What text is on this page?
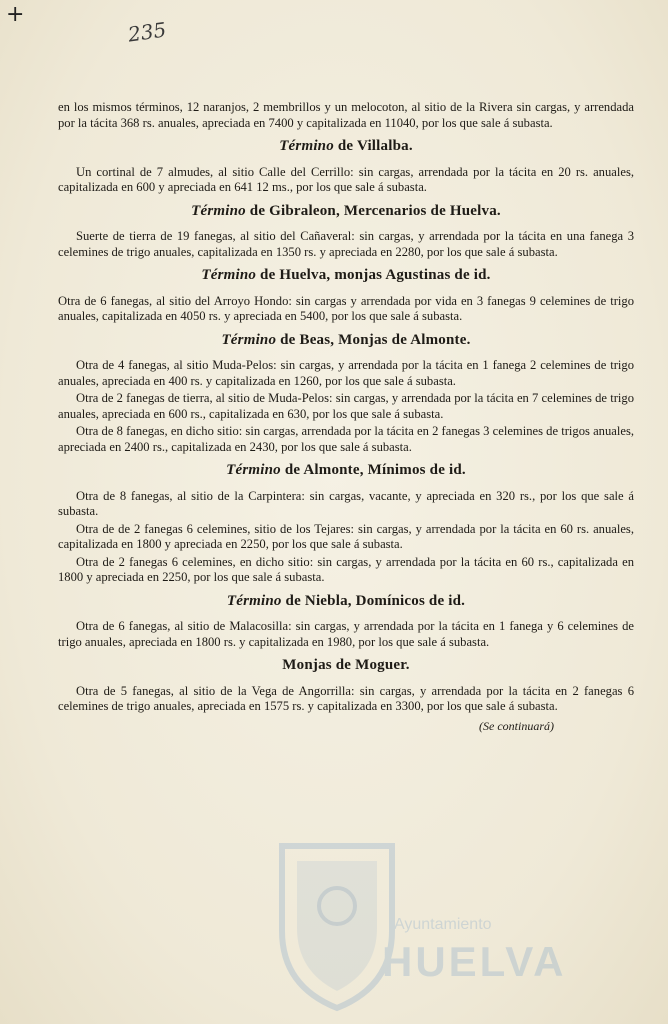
+
235

en los mismos términos, 12 naranjos, 2 membrillos y un melocoton, al sitio de la Rivera sin cargas, y arrendada por la tácita 368 rs. anuales, apreciada en 7400 y capitalizada en 11040, por los que sale á subasta.

Término de Villalba.

Un cortinal de 7 almudes, al sitio Calle del Cerrillo: sin cargas, arrendada por la tácita en 20 rs. anuales, capitalizada en 600 y apreciada en 641 12 ms., por los que sale á subasta.

Término de Gibraleon, Mercenarios de Huelva.

Suerte de tierra de 19 fanegas, al sitio del Cañaveral: sin cargas, y arrendada por la tácita en una fanega 3 celemines de trigo anuales, capitalizada en 1350 rs. y apreciada en 2280, por los que sale á subasta.

Término de Huelva, monjas Agustinas de id.

Otra de 6 fanegas, al sitio del Arroyo Hondo: sin cargas y arrendada por vida en 3 fanegas 9 celemines de trigo anuales, capitalizada en 4050 rs. y apreciada en 5400, por los que sale á subasta.

Término de Beas, Monjas de Almonte.

Otra de 4 fanegas, al sitio Muda-Pelos: sin cargas, y arrendada por la tácita en 1 fanega 2 celemines de trigo anuales, apreciada en 400 rs. y capitalizada en 1260, por los que sale á subasta.

Otra de 2 fanegas de tierra, al sitio de Muda-Pelos: sin cargas, y arrendada por la tácita en 7 celemines de trigo anuales, apreciada en 600 rs., capitalizada en 630, por los que sale á subasta.

Otra de 8 fanegas, en dicho sitio: sin cargas, arrendada por la tácita en 2 fanegas 3 celemines de trigos anuales, apreciada en 2400 rs., capitalizada en 2430, por los que sale á subasta.

Término de Almonte, Mínimos de id.

Otra de 8 fanegas, al sitio de la Carpintera: sin cargas, vacante, y apreciada en 320 rs., por los que sale á subasta.

Otra de de 2 fanegas 6 celemines, sitio de los Tejares: sin cargas, y arrendada por la tácita en 60 rs. anuales, capitalizada en 1800 y apreciada en 2250, por los que sale á subasta.

Otra de 2 fanegas 6 celemines, en dicho sitio: sin cargas, y arrendada por la tácita en 60 rs., capitalizada en 1800 y apreciada en 2250, por los que sale á subasta.

Término de Niebla, Domínicos de id.

Otra de 6 fanegas, al sitio de Malacosilla: sin cargas, y arrendada por la tácita en 1 fanega y 6 celemines de trigo anuales, apreciada en 1800 rs. y capitalizada en 1980, por los que sale á subasta.

Monjas de Moguer.

Otra de 5 fanegas, al sitio de la Vega de Angorrilla: sin cargas, y arrendada por la tácita en 2 fanegas 6 celemines de trigo anuales, apreciada en 1575 rs. y capitalizada en 3300, por los que sale á subasta.

(Se continuará)
Ayuntamiento
HUELVA
